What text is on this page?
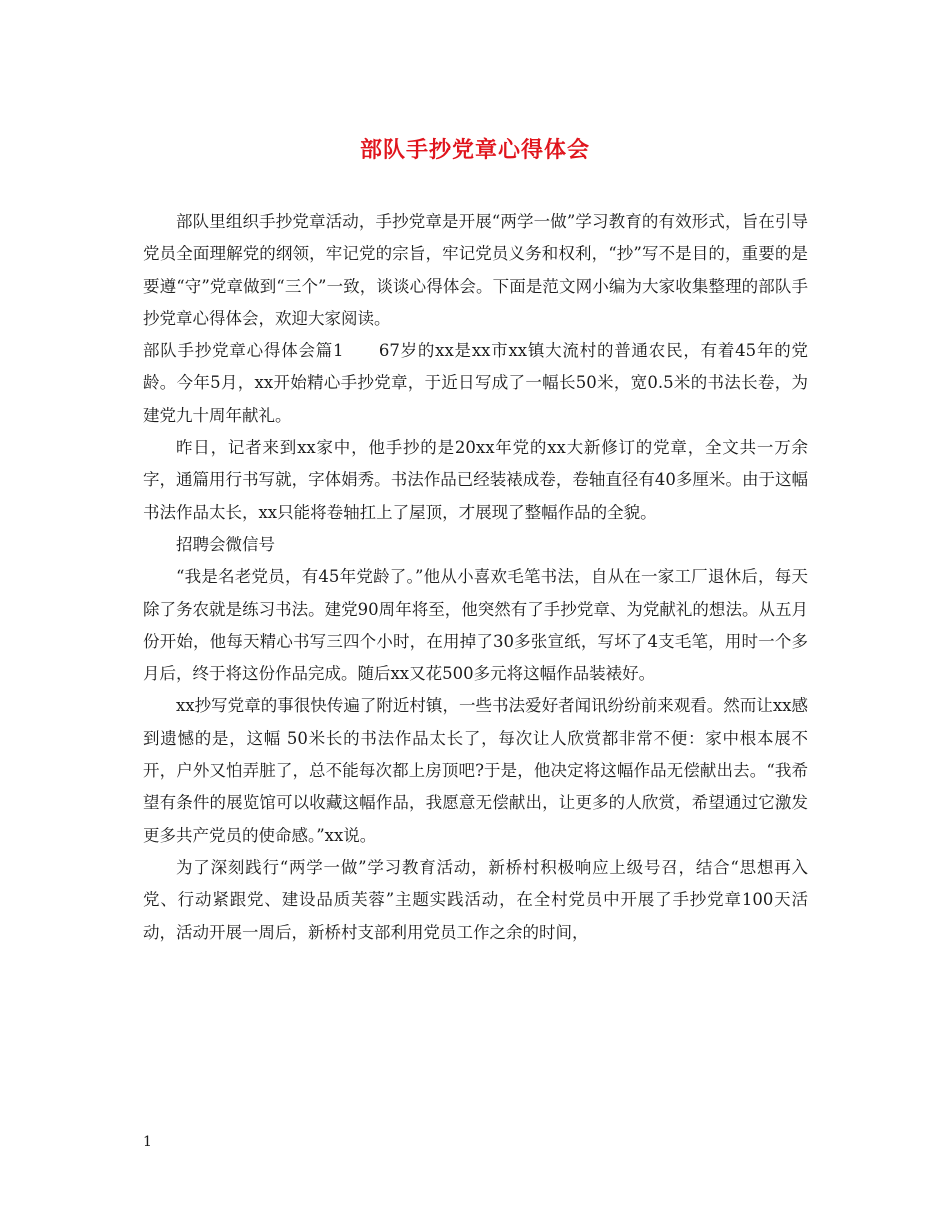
部队手抄党章心得体会

部队里组织手抄党章活动，手抄党章是开展“两学一做”学习教育的有效形式，旨在引导党员全面理解党的纲领，牢记党的宗旨，牢记党员义务和权利，“抄”写不是目的，重要的是要遵“守”党章做到“三个”一致，谈谈心得体会。下面是范文网小编为大家收集整理的部队手抄党章心得体会，欢迎大家阅读。

部队手抄党章心得体会篇1　　67岁的xx是xx市xx镇大流村的普通农民，有着45年的党龄。今年5月，xx开始精心手抄党章，于近日写成了一幅长50米，宽0.5米的书法长卷，为建党九十周年献礼。

昨日，记者来到xx家中，他手抄的是20xx年党的xx大新修订的党章，全文共一万余字，通篇用行书写就，字体娟秀。书法作品已经装裱成卷，卷轴直径有40多厘米。由于这幅书法作品太长，xx只能将卷轴扛上了屋顶，才展现了整幅作品的全貌。

招聘会微信号

“我是名老党员，有45年党龄了。”他从小喜欢毛笔书法，自从在一家工厂退休后，每天除了务农就是练习书法。建党90周年将至，他突然有了手抄党章、为党献礼的想法。从五月份开始，他每天精心书写三四个小时，在用掉了30多张宣纸，写坏了4支毛笔，用时一个多月后，终于将这份作品完成。随后xx又花500多元将这幅作品装裱好。

xx抄写党章的事很快传遍了附近村镇，一些书法爱好者闻讯纷纷前来观看。然而让xx感到遗憾的是，这幅 50米长的书法作品太长了，每次让人欣赏都非常不便：家中根本展不开，户外又怕弄脏了，总不能每次都上房顶吧?于是，他决定将这幅作品无偿献出去。“我希望有条件的展览馆可以收藏这幅作品，我愿意无偿献出，让更多的人欣赏，希望通过它激发更多共产党员的使命感。”xx说。

为了深刻践行“两学一做”学习教育活动，新桥村积极响应上级号召，结合“思想再入党、行动紧跟党、建设品质芙蓉”主题实践活动，在全村党员中开展了手抄党章100天活动，活动开展一周后，新桥村支部利用党员工作之余的时间，

1
